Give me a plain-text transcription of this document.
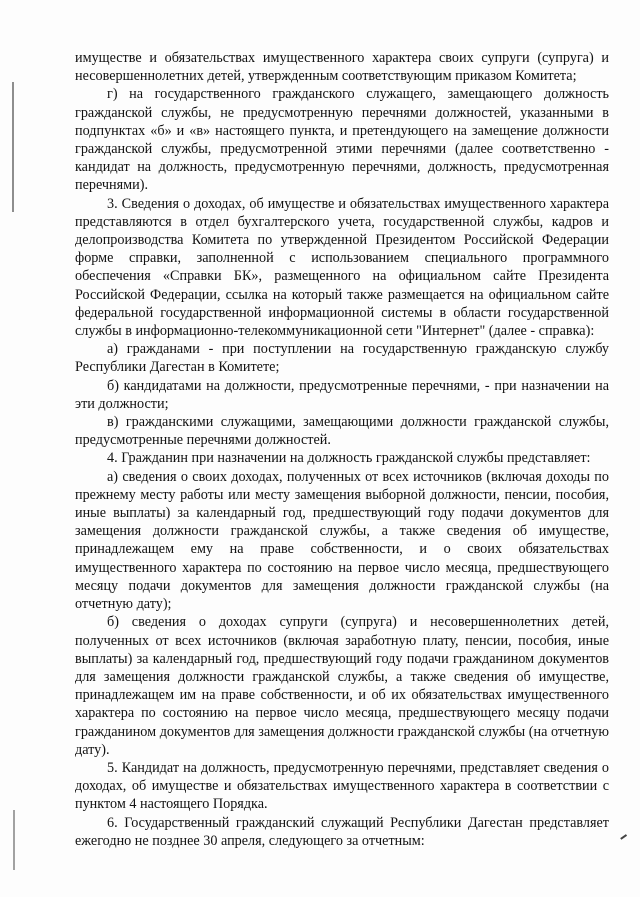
имуществе и обязательствах имущественного характера своих супруги (супруга) и несовершеннолетних детей, утвержденным соответствующим приказом Комитета;

г) на государственного гражданского служащего, замещающего должность гражданской службы, не предусмотренную перечнями должностей, указанными в подпунктах «б» и «в» настоящего пункта, и претендующего на замещение должности гражданской службы, предусмотренной этими перечнями (далее соответственно - кандидат на должность, предусмотренную перечнями, должность, предусмотренная перечнями).

3. Сведения о доходах, об имуществе и обязательствах имущественного характера представляются в отдел бухгалтерского учета, государственной службы, кадров и делопроизводства Комитета по утвержденной Президентом Российской Федерации форме справки, заполненной с использованием специального программного обеспечения «Справки БК», размещенного на официальном сайте Президента Российской Федерации, ссылка на который также размещается на официальном сайте федеральной государственной информационной системы в области государственной службы в информационно-телекоммуникационной сети "Интернет" (далее - справка):

а) гражданами - при поступлении на государственную гражданскую службу Республики Дагестан в Комитете;

б) кандидатами на должности, предусмотренные перечнями, - при назначении на эти должности;

в) гражданскими служащими, замещающими должности гражданской службы, предусмотренные перечнями должностей.

4. Гражданин при назначении на должность гражданской службы представляет:

а) сведения о своих доходах, полученных от всех источников (включая доходы по прежнему месту работы или месту замещения выборной должности, пенсии, пособия, иные выплаты) за календарный год, предшествующий году подачи документов для замещения должности гражданской службы, а также сведения об имуществе, принадлежащем ему на праве собственности, и о своих обязательствах имущественного характера по состоянию на первое число месяца, предшествующего месяцу подачи документов для замещения должности гражданской службы (на отчетную дату);

б) сведения о доходах супруги (супруга) и несовершеннолетних детей, полученных от всех источников (включая заработную плату, пенсии, пособия, иные выплаты) за календарный год, предшествующий году подачи гражданином документов для замещения должности гражданской службы, а также сведения об имуществе, принадлежащем им на праве собственности, и об их обязательствах имущественного характера по состоянию на первое число месяца, предшествующего месяцу подачи гражданином документов для замещения должности гражданской службы (на отчетную дату).

5. Кандидат на должность, предусмотренную перечнями, представляет сведения о доходах, об имуществе и обязательствах имущественного характера в соответствии с пунктом 4 настоящего Порядка.

6. Государственный гражданский служащий Республики Дагестан представляет ежегодно не позднее 30 апреля, следующего за отчетным:
